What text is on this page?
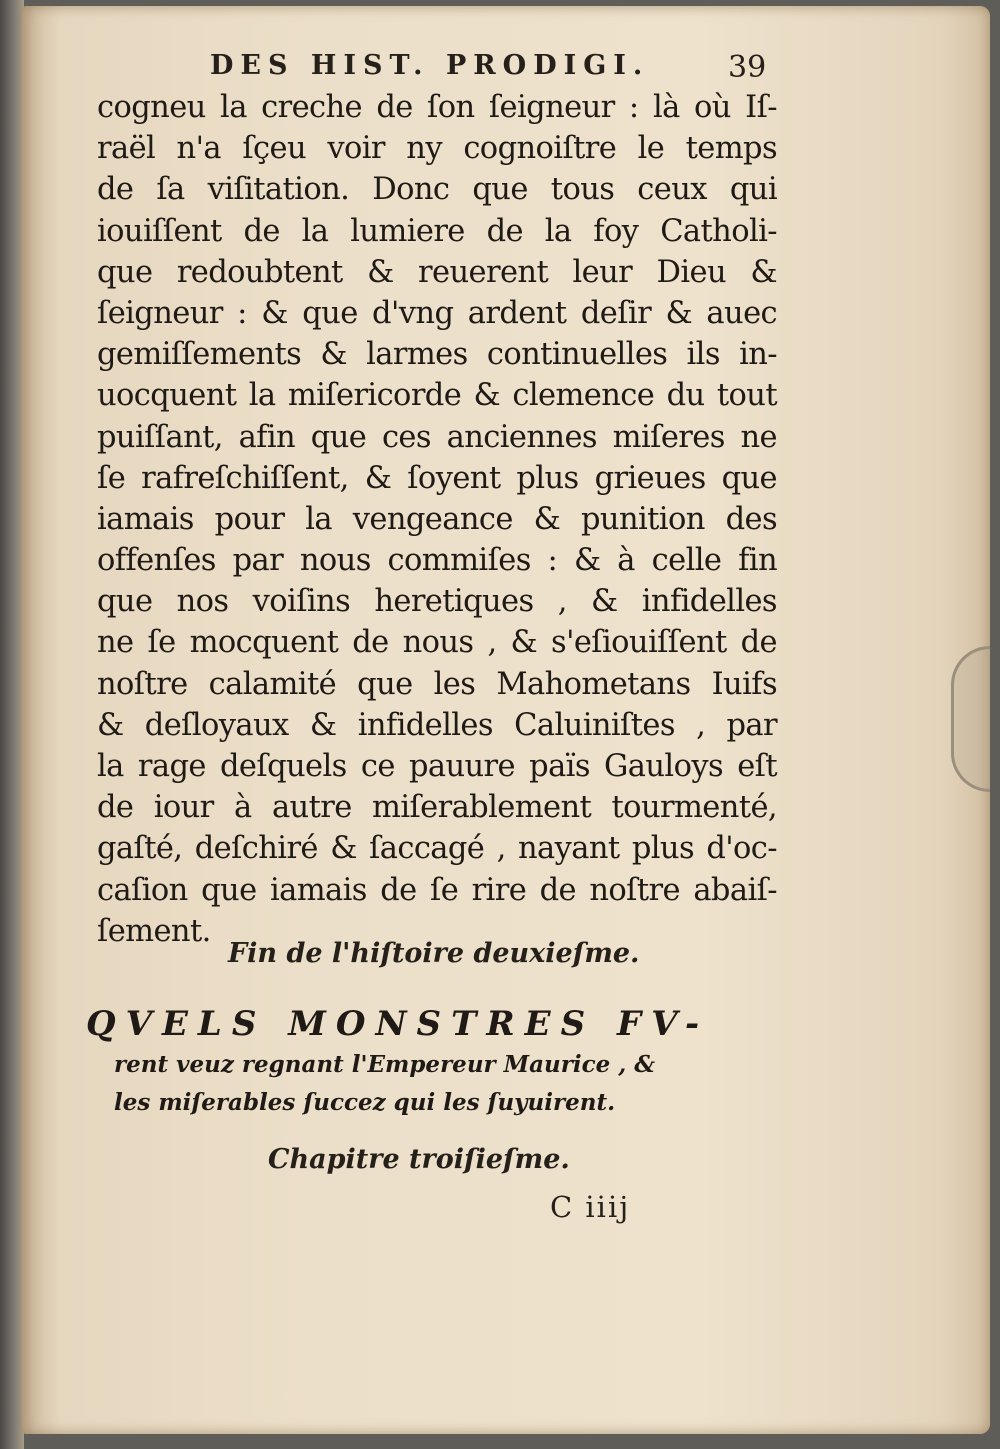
DES HIST. PRODIGI.	39
cogneu la creche de ſon ſeigneur : là où Iſ-
raël n'a ſçeu voir ny cognoiſtre le temps
de ſa viſitation. Donc que tous ceux qui
iouiſſent de la lumiere de la foy Catholi-
que redoubtent & reuerent leur Dieu &
ſeigneur : & que d'vng ardent deſir & auec
gemiſſements & larmes continuelles ils in-
uocquent la miſericorde & clemence du tout
puiſſant, afin que ces anciennes miſeres ne
ſe rafreſchiſſent, & ſoyent plus grieues que
iamais pour la vengeance & punition des
offenſes par nous commiſes : & à celle fin
que nos voiſins heretiques , & infidelles
ne ſe mocquent de nous , & s'eſiouiſſent de
noſtre calamité que les Mahometans Iuifs
& deſloyaux & infidelles Caluiniſtes , par
la rage deſquels ce pauure païs Gauloys eſt
de iour à autre miſerablement tourmenté,
gaſté, deſchiré & ſaccagé , nayant plus d'oc-
caſion que iamais de ſe rire de noſtre abaiſ-
ſement.
Fin de l'hiſtoire deuxieſme.
QVELS MONSTRES FV-
rent veuz regnant l'Empereur Maurice , &
les miſerables ſuccez qui les ſuyuirent.
Chapitre troiſieſme.
C iiij
